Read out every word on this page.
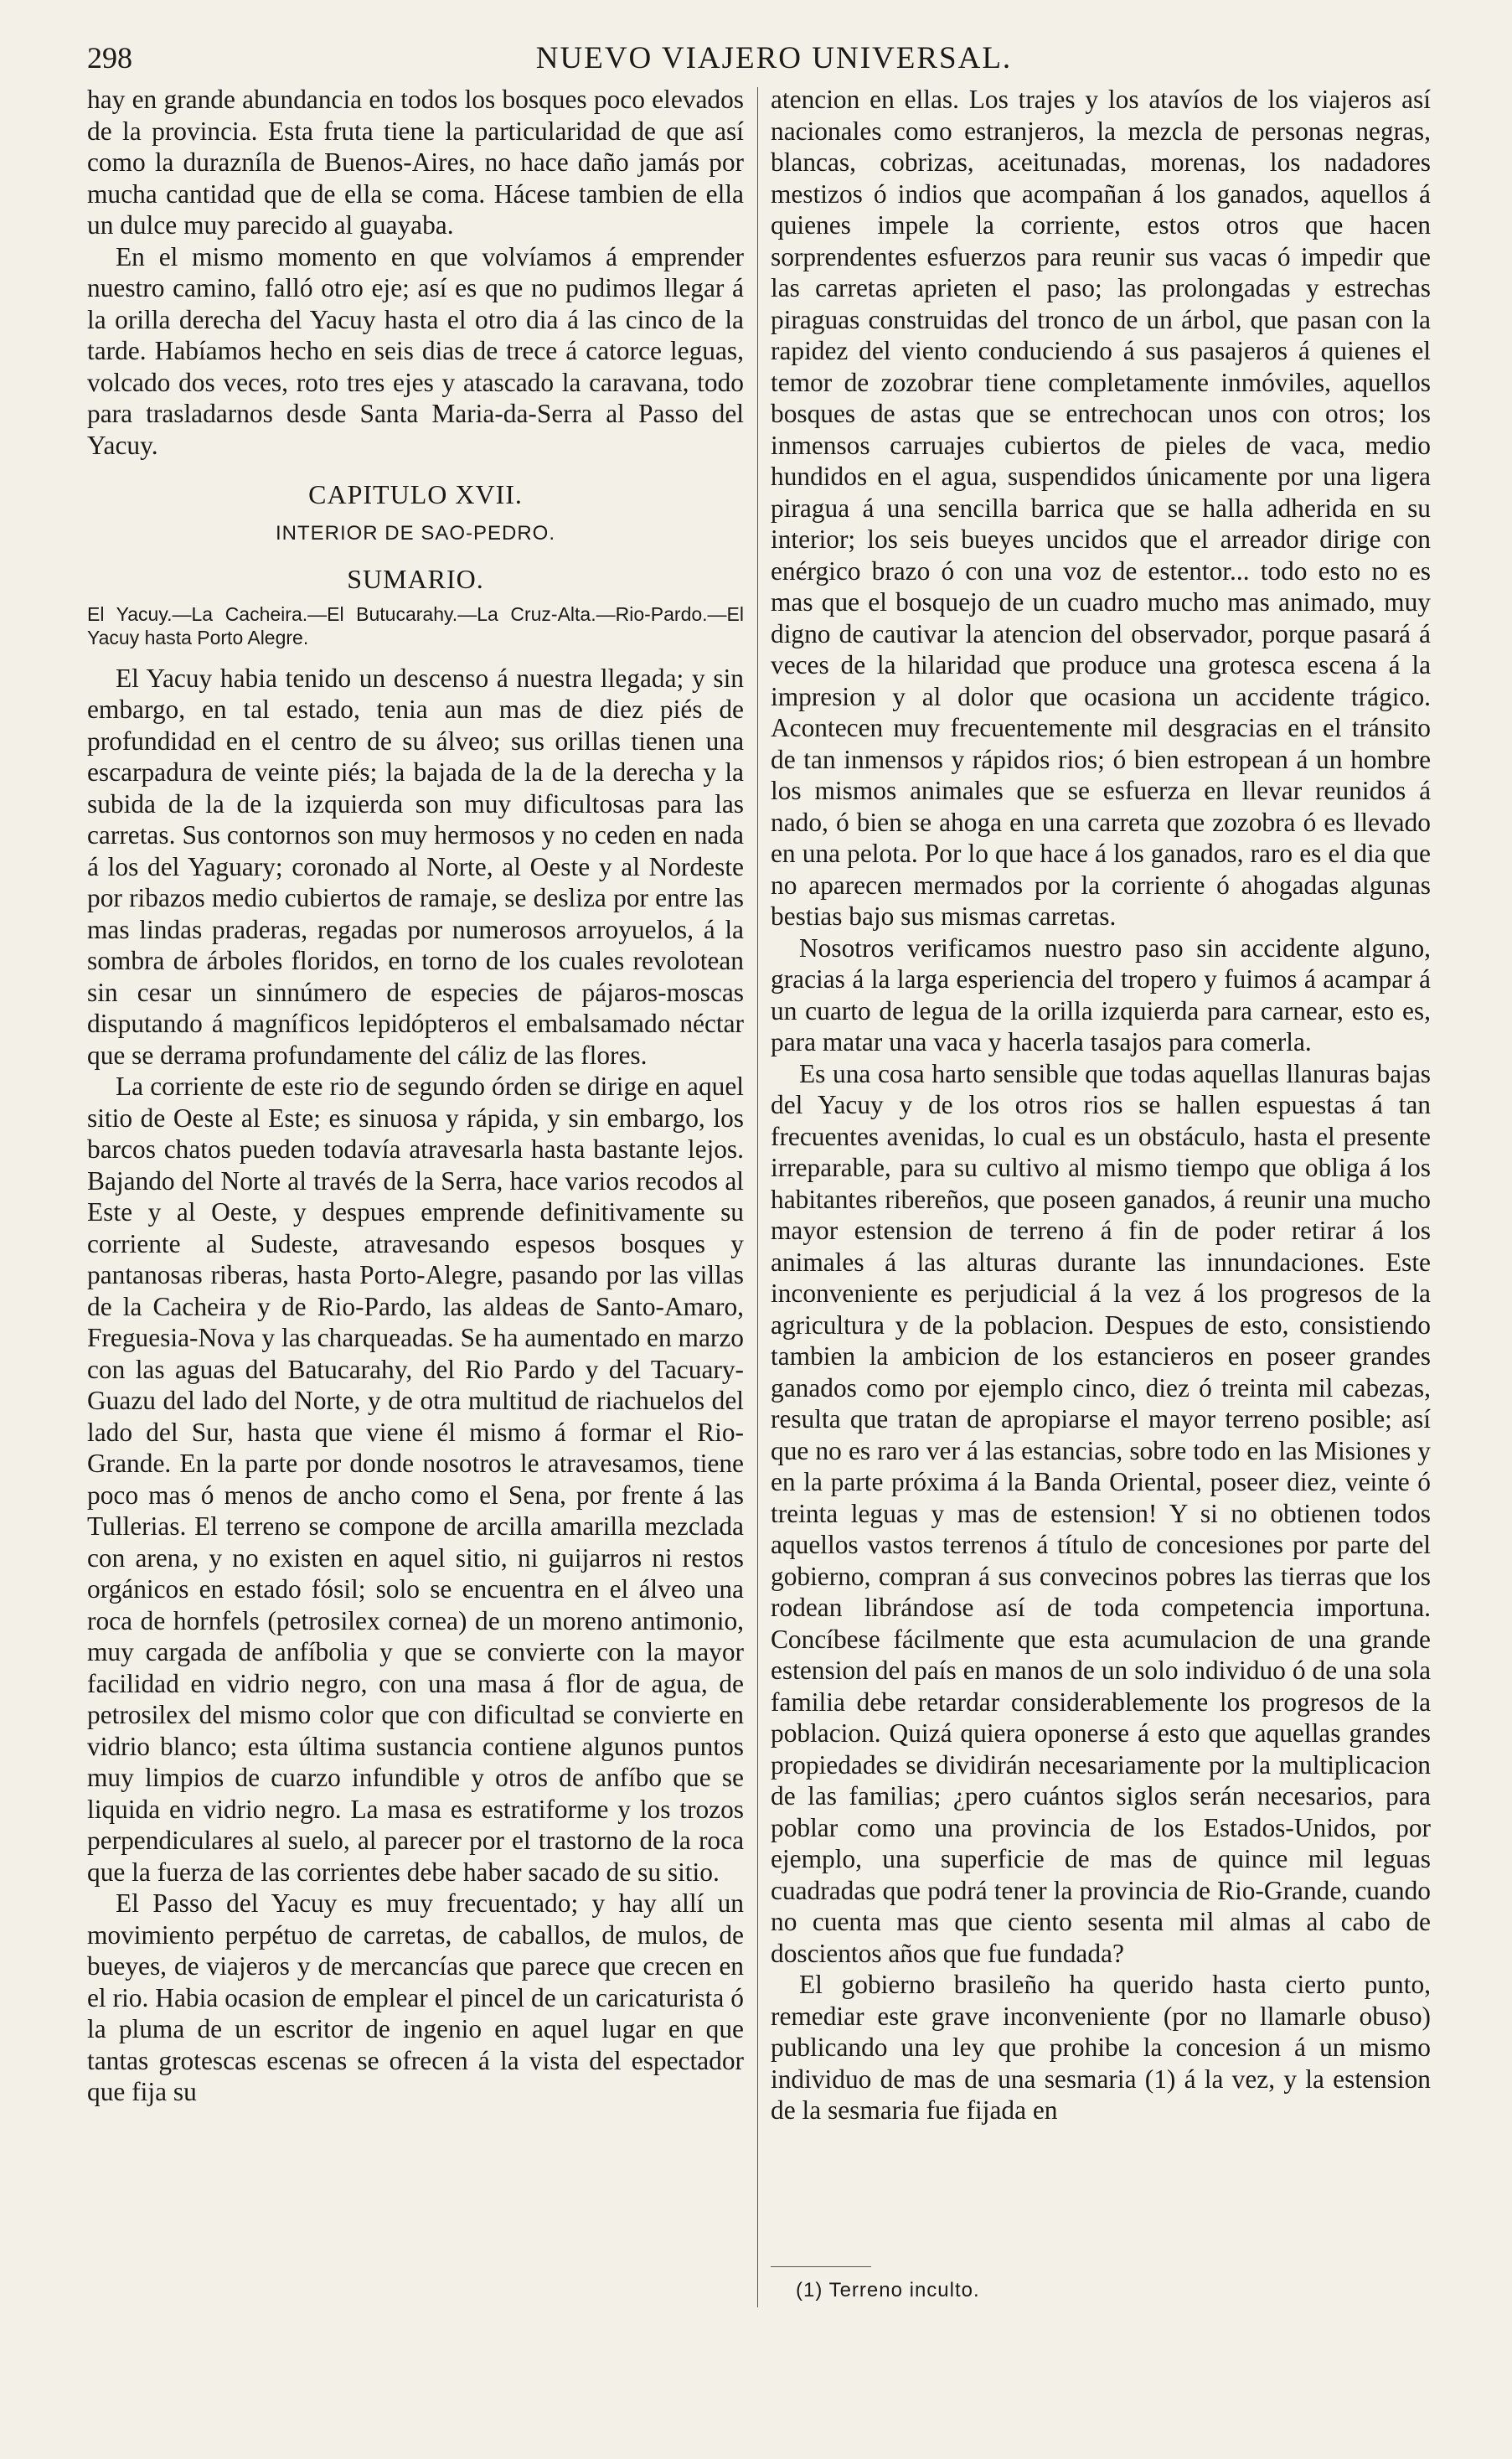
298	NUEVO VIAJERO UNIVERSAL.

hay en grande abundancia en todos los bosques poco elevados de la provincia. Esta fruta tiene la particularidad de que así como la durazníla de Buenos-Aires, no hace daño jamás por mucha cantidad que de ella se coma. Hácese tambien de ella un dulce muy parecido al guayaba.

En el mismo momento en que volvíamos á emprender nuestro camino, falló otro eje; así es que no pudimos llegar á la orilla derecha del Yacuy hasta el otro dia á las cinco de la tarde. Habíamos hecho en seis dias de trece á catorce leguas, volcado dos veces, roto tres ejes y atascado la caravana, todo para trasladarnos desde Santa Maria-da-Serra al Passo del Yacuy.

CAPITULO XVII.
INTERIOR DE SAO-PEDRO.
SUMARIO.
El Yacuy.—La Cacheira.—El Butucarahy.—La Cruz-Alta.—Rio-Pardo.—El Yacuy hasta Porto Alegre.

El Yacuy habia tenido un descenso á nuestra llegada; y sin embargo, en tal estado, tenia aun mas de diez piés de profundidad en el centro de su álveo; sus orillas tienen una escarpadura de veinte piés; la bajada de la de la derecha y la subida de la de la izquierda son muy dificultosas para las carretas. Sus contornos son muy hermosos y no ceden en nada á los del Yaguary; coronado al Norte, al Oeste y al Nordeste por ribazos medio cubiertos de ramaje, se desliza por entre las mas lindas praderas, regadas por numerosos arroyuelos, á la sombra de árboles floridos, en torno de los cuales revolotean sin cesar un sinnúmero de especies de pájaros-moscas disputando á magníficos lepidópteros el embalsamado néctar que se derrama profundamente del cáliz de las flores.

La corriente de este rio de segundo órden se dirige en aquel sitio de Oeste al Este; es sinuosa y rápida, y sin embargo, los barcos chatos pueden todavía atravesarla hasta bastante lejos. Bajando del Norte al través de la Serra, hace varios recodos al Este y al Oeste, y despues emprende definitivamente su corriente al Sudeste, atravesando espesos bosques y pantanosas riberas, hasta Porto-Alegre, pasando por las villas de la Cacheira y de Rio-Pardo, las aldeas de Santo-Amaro, Freguesia-Nova y las charqueadas. Se ha aumentado en marzo con las aguas del Batucarahy, del Rio Pardo y del Tacuary-Guazu del lado del Norte, y de otra multitud de riachuelos del lado del Sur, hasta que viene él mismo á formar el Rio-Grande. En la parte por donde nosotros le atravesamos, tiene poco mas ó menos de ancho como el Sena, por frente á las Tullerias. El terreno se compone de arcilla amarilla mezclada con arena, y no existen en aquel sitio, ni guijarros ni restos orgánicos en estado fósil; solo se encuentra en el álveo una roca de hornfels (petrosilex cornea) de un moreno antimonio, muy cargada de anfíbolia y que se convierte con la mayor facilidad en vidrio negro, con una masa á flor de agua, de petrosilex del mismo color que con dificultad se convierte en vidrio blanco; esta última sustancia contiene algunos puntos muy limpios de cuarzo infundible y otros de anfíbo que se liquida en vidrio negro. La masa es estratiforme y los trozos perpendiculares al suelo, al parecer por el trastorno de la roca que la fuerza de las corrientes debe haber sacado de su sitio.

El Passo del Yacuy es muy frecuentado; y hay allí un movimiento perpétuo de carretas, de caballos, de mulos, de bueyes, de viajeros y de mercancías que parece que crecen en el rio. Habia ocasion de emplear el pincel de un caricaturista ó la pluma de un escritor de ingenio en aquel lugar en que tantas grotescas escenas se ofrecen á la vista del espectador que fija su

atencion en ellas. Los trajes y los atavíos de los viajeros así nacionales como estranjeros, la mezcla de personas negras, blancas, cobrizas, aceitunadas, morenas, los nadadores mestizos ó indios que acompañan á los ganados, aquellos á quienes impele la corriente, estos otros que hacen sorprendentes esfuerzos para reunir sus vacas ó impedir que las carretas aprieten el paso; las prolongadas y estrechas piraguas construidas del tronco de un árbol, que pasan con la rapidez del viento conduciendo á sus pasajeros á quienes el temor de zozobrar tiene completamente inmóviles, aquellos bosques de astas que se entrechocan unos con otros; los inmensos carruajes cubiertos de pieles de vaca, medio hundidos en el agua, suspendidos únicamente por una ligera piragua á una sencilla barrica que se halla adherida en su interior; los seis bueyes uncidos que el arreador dirige con enérgico brazo ó con una voz de estentor... todo esto no es mas que el bosquejo de un cuadro mucho mas animado, muy digno de cautivar la atencion del observador, porque pasará á veces de la hilaridad que produce una grotesca escena á la impresion y al dolor que ocasiona un accidente trágico. Acontecen muy frecuentemente mil desgracias en el tránsito de tan inmensos y rápidos rios; ó bien estropean á un hombre los mismos animales que se esfuerza en llevar reunidos á nado, ó bien se ahoga en una carreta que zozobra ó es llevado en una pelota. Por lo que hace á los ganados, raro es el dia que no aparecen mermados por la corriente ó ahogadas algunas bestias bajo sus mismas carretas.

Nosotros verificamos nuestro paso sin accidente alguno, gracias á la larga esperiencia del tropero y fuimos á acampar á un cuarto de legua de la orilla izquierda para carnear, esto es, para matar una vaca y hacerla tasajos para comerla.

Es una cosa harto sensible que todas aquellas llanuras bajas del Yacuy y de los otros rios se hallen espuestas á tan frecuentes avenidas, lo cual es un obstáculo, hasta el presente irreparable, para su cultivo al mismo tiempo que obliga á los habitantes ribereños, que poseen ganados, á reunir una mucho mayor estension de terreno á fin de poder retirar á los animales á las alturas durante las innundaciones. Este inconveniente es perjudicial á la vez á los progresos de la agricultura y de la poblacion. Despues de esto, consistiendo tambien la ambicion de los estancieros en poseer grandes ganados como por ejemplo cinco, diez ó treinta mil cabezas, resulta que tratan de apropiarse el mayor terreno posible; así que no es raro ver á las estancias, sobre todo en las Misiones y en la parte próxima á la Banda Oriental, poseer diez, veinte ó treinta leguas y mas de estension! Y si no obtienen todos aquellos vastos terrenos á título de concesiones por parte del gobierno, compran á sus convecinos pobres las tierras que los rodean librándose así de toda competencia importuna. Concíbese fácilmente que esta acumulacion de una grande estension del país en manos de un solo individuo ó de una sola familia debe retardar considerablemente los progresos de la poblacion. Quizá quiera oponerse á esto que aquellas grandes propiedades se dividirán necesariamente por la multiplicacion de las familias; ¿pero cuántos siglos serán necesarios, para poblar como una provincia de los Estados-Unidos, por ejemplo, una superficie de mas de quince mil leguas cuadradas que podrá tener la provincia de Rio-Grande, cuando no cuenta mas que ciento sesenta mil almas al cabo de doscientos años que fue fundada?

El gobierno brasileño ha querido hasta cierto punto, remediar este grave inconveniente (por no llamarle obuso) publicando una ley que prohibe la concesion á un mismo individuo de mas de una sesmaria (1) á la vez, y la estension de la sesmaria fue fijada en

(1) Terreno inculto.
